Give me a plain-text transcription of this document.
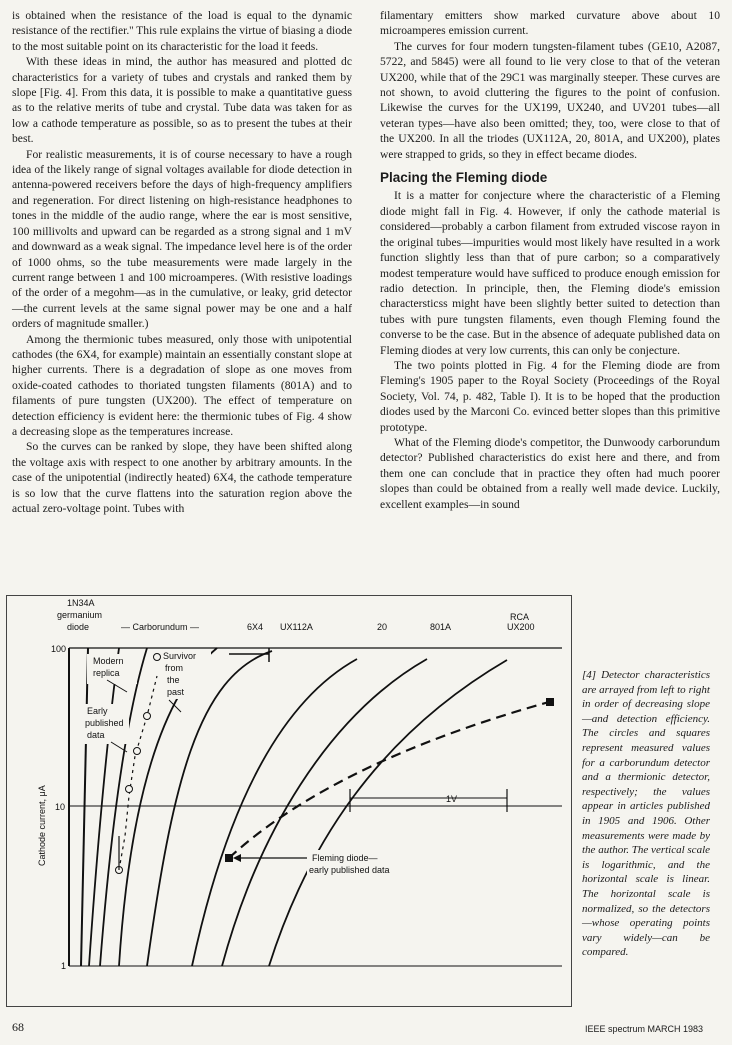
is obtained when the resistance of the load is equal to the dynamic resistance of the rectifier.'' This rule explains the virtue of biasing a diode to the most suitable point on its characteristic for the load it feeds.

With these ideas in mind, the author has measured and plotted dc characteristics for a variety of tubes and crystals and ranked them by slope [Fig. 4]. From this data, it is possible to make a quantitative guess as to the relative merits of tube and crystal. Tube data was taken for as low a cathode temperature as possible, so as to present the tubes at their best.

For realistic measurements, it is of course necessary to have a rough idea of the likely range of signal voltages available for diode detection in antenna-powered receivers before the days of high-frequency amplifiers and regeneration. For direct listening on high-resistance headphones to tones in the middle of the audio range, where the ear is most sensitive, 100 millivolts and upward can be regarded as a strong signal and 1 mV and downward as a weak signal. The impedance level here is of the order of 1000 ohms, so the tube measurements were made largely in the current range between 1 and 100 microamperes. (With resistive loadings of the order of a megohm—as in the cumulative, or leaky, grid detector—the current levels at the same signal power may be one and a half orders of magnitude smaller.)

Among the thermionic tubes measured, only those with unipotential cathodes (the 6X4, for example) maintain an essentially constant slope at higher currents. There is a degradation of slope as one moves from oxide-coated cathodes to thoriated tungsten filaments (801A) and to filaments of pure tungsten (UX200). The effect of temperature on detection efficiency is evident here: the thermionic tubes of Fig. 4 show a decreasing slope as the temperatures increase.

So the curves can be ranked by slope, they have been shifted along the voltage axis with respect to one another by arbitrary amounts. In the case of the unipotential (indirectly heated) 6X4, the cathode temperature is so low that the curve flattens into the saturation region above the actual zero-voltage point. Tubes with

filamentary emitters show marked curvature above about 10 microamperes emission current.

The curves for four modern tungsten-filament tubes (GE10, A2087, 5722, and 5845) were all found to lie very close to that of the veteran UX200, while that of the 29C1 was marginally steeper. These curves are not shown, to avoid cluttering the figures to the point of confusion. Likewise the curves for the UX199, UX240, and UV201 tubes—all veteran types—have also been omitted; they, too, were close to that of the UX200. In all the triodes (UX112A, 20, 801A, and UX200), plates were strapped to grids, so they in effect became diodes.

Placing the Fleming diode

It is a matter for conjecture where the characteristic of a Fleming diode might fall in Fig. 4. However, if only the cathode material is considered—probably a carbon filament from extruded viscose rayon in the original tubes—impurities would most likely have resulted in a work function slightly less than that of pure carbon; so a comparatively modest temperature would have sufficed to produce enough emission for radio detection. In principle, then, the Fleming diode's emission charactersticss might have been slightly better suited to detection than tubes with pure tungsten filaments, even though Fleming found the converse to be the case. But in the absence of adequate published data on Fleming diodes at very low currents, this can only be conjecture.

The two points plotted in Fig. 4 for the Fleming diode are from Fleming's 1905 paper to the Royal Society (Proceedings of the Royal Society, Vol. 74, p. 482, Table I). It is to be hoped that the production diodes used by the Marconi Co. evinced better slopes than this primitive prototype.

What of the Fleming diode's competitor, the Dunwoody carborundum detector? Published characteristics do exist here and there, and from them one can conclude that in practice they often had much poorer slopes than could be obtained from a really well made device. Luckily, excellent examples—in sound

100
10
1
Cathode current, μA	1V
1N34A
germanium
diode	— Carborundum —	6X4 UX112A	20	801A
RCA
UX200
Modern
replica
Survivor
from
the
past
Early
published
data
Fleming diode—
early published data
[4] Detector characteristics are arrayed from left to right in order of decreasing slope—and detection efficiency. The circles and squares represent measured values for a carborundum detector and a thermionic detector, respectively; the values appear in articles published in 1905 and 1906. Other measurements were made by the author. The vertical scale is logarithmic, and the horizontal scale is linear. The horizontal scale is normalized, so the detectors—whose operating points vary widely—can be compared.
68	IEEE spectrum MARCH 1983
